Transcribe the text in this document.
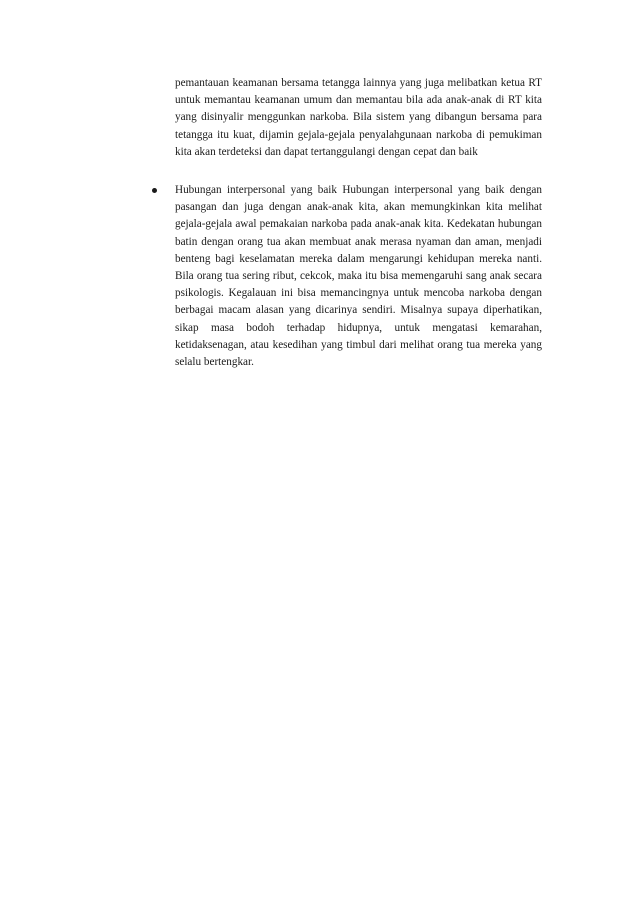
pemantauan keamanan bersama tetangga lainnya yang juga melibatkan ketua RT untuk memantau keamanan umum dan memantau bila ada anak-anak di RT kita yang disinyalir menggunkan narkoba. Bila sistem yang dibangun bersama para tetangga itu kuat, dijamin gejala-gejala penyalahgunaan narkoba di pemukiman kita akan terdeteksi dan dapat tertanggulangi dengan cepat dan baik

Hubungan interpersonal yang baik Hubungan interpersonal yang baik dengan pasangan dan juga dengan anak-anak kita, akan memungkinkan kita melihat gejala-gejala awal pemakaian narkoba pada anak-anak kita. Kedekatan hubungan batin dengan orang tua akan membuat anak merasa nyaman dan aman, menjadi benteng bagi keselamatan mereka dalam mengarungi kehidupan mereka nanti. Bila orang tua sering ribut, cekcok, maka itu bisa memengaruhi sang anak secara psikologis. Kegalauan ini bisa memancingnya untuk mencoba narkoba dengan berbagai macam alasan yang dicarinya sendiri. Misalnya supaya diperhatikan, sikap masa bodoh terhadap hidupnya, untuk mengatasi kemarahan, ketidaksenagan, atau kesedihan yang timbul dari melihat orang tua mereka yang selalu bertengkar.
